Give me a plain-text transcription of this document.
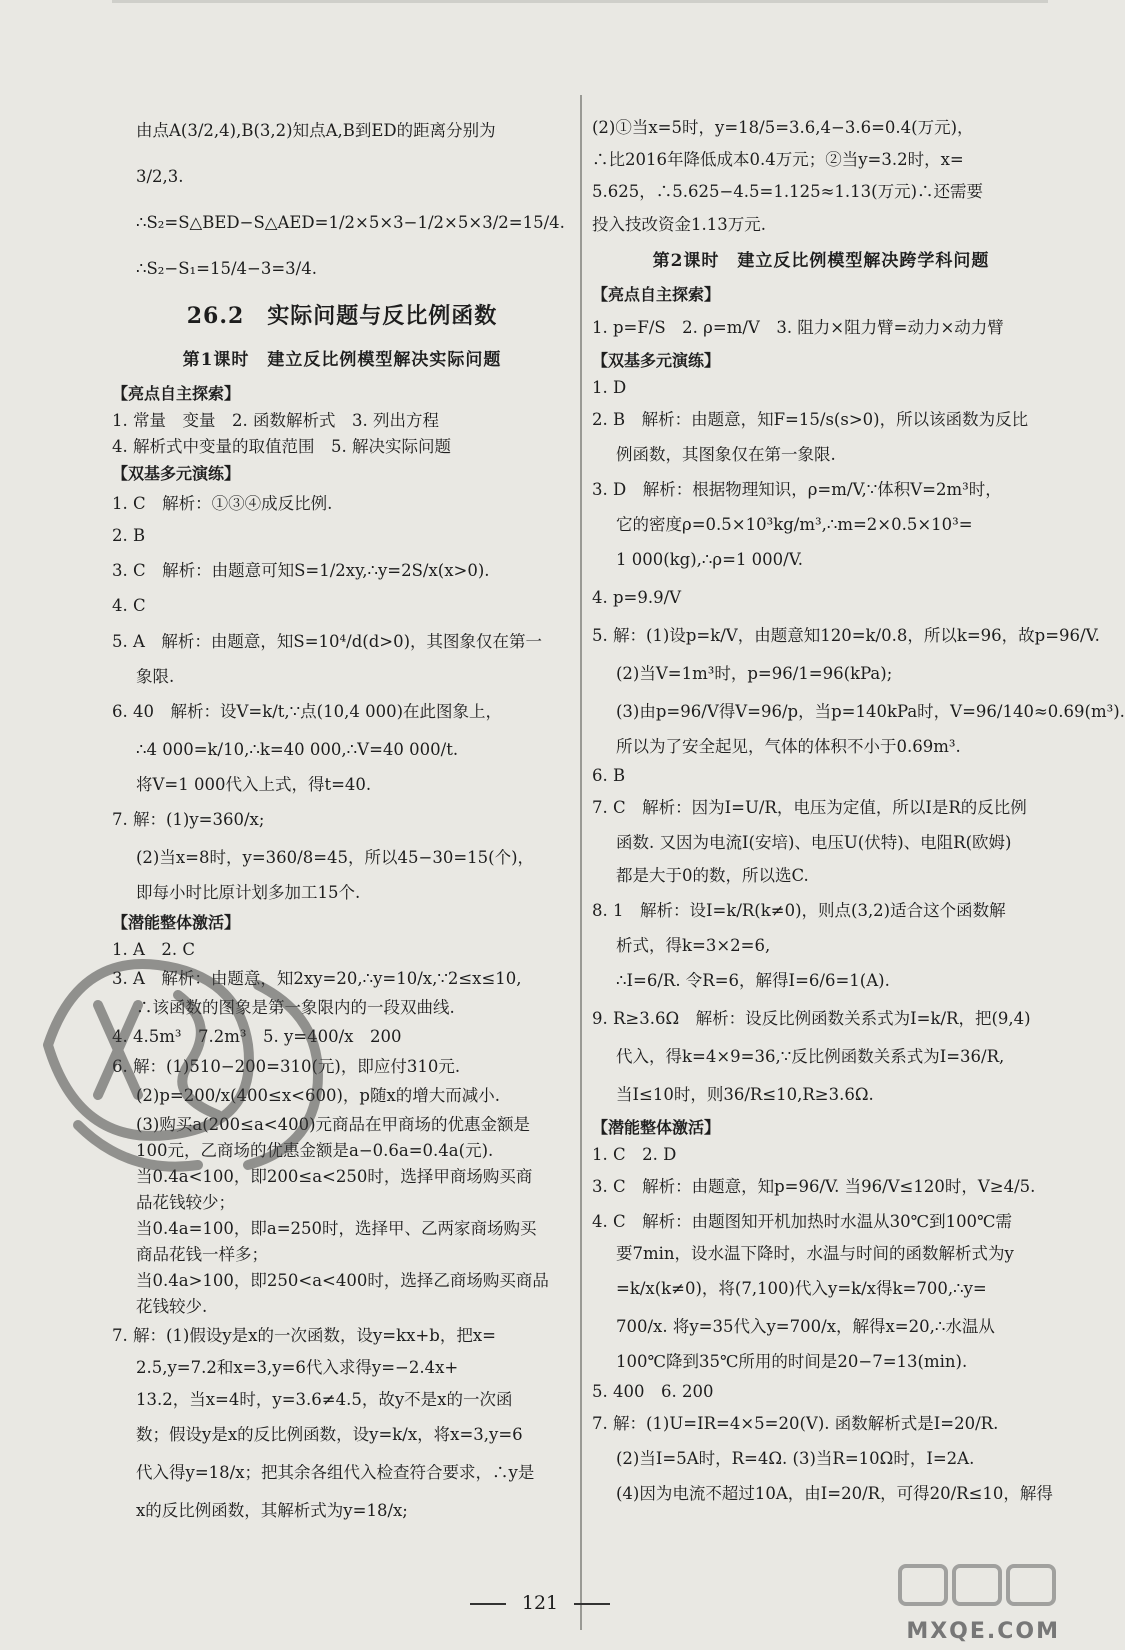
由点A(3/2,4),B(3,2)知点A,B到ED的距离分别为
3/2,3.
∴S₂=S△BED−S△AED=1/2×5×3−1/2×5×3/2=15/4.
∴S₂−S₁=15/4−3=3/4.
26.2　实际问题与反比例函数
第1课时　建立反比例模型解决实际问题
【亮点自主探索】
1. 常量　变量　2. 函数解析式　3. 列出方程
4. 解析式中变量的取值范围　5. 解决实际问题
【双基多元演练】
1. C　解析：①③④成反比例.
2. B
3. C　解析：由题意可知S=1/2xy,∴y=2S/x(x>0).
4. C
5. A　解析：由题意，知S=10⁴/d(d>0)，其图象仅在第一
象限.
6. 40　解析：设V=k/t,∵点(10,4 000)在此图象上，
∴4 000=k/10,∴k=40 000,∴V=40 000/t.
将V=1 000代入上式，得t=40.
7. 解：(1)y=360/x;
(2)当x=8时，y=360/8=45，所以45−30=15(个)，
即每小时比原计划多加工15个.
【潜能整体激活】
1. A　2. C
3. A　解析：由题意，知2xy=20,∴y=10/x,∵2≤x≤10,
∴该函数的图象是第一象限内的一段双曲线.
4. 4.5m³　7.2m³　5. y=400/x　200
6. 解：(1)510−200=310(元)，即应付310元.
(2)p=200/x(400≤x<600)，p随x的增大而减小.
(3)购买a(200≤a<400)元商品在甲商场的优惠金额是
100元，乙商场的优惠金额是a−0.6a=0.4a(元).
当0.4a<100，即200≤a<250时，选择甲商场购买商
品花钱较少；
当0.4a=100，即a=250时，选择甲、乙两家商场购买
商品花钱一样多；
当0.4a>100，即250<a<400时，选择乙商场购买商品
花钱较少.
7. 解：(1)假设y是x的一次函数，设y=kx+b，把x=
2.5,y=7.2和x=3,y=6代入求得y=−2.4x+
13.2，当x=4时，y=3.6≠4.5，故y不是x的一次函
数；假设y是x的反比例函数，设y=k/x，将x=3,y=6
代入得y=18/x；把其余各组代入检查符合要求，∴y是
x的反比例函数，其解析式为y=18/x;
(2)①当x=5时，y=18/5=3.6,4−3.6=0.4(万元)，
∴比2016年降低成本0.4万元；②当y=3.2时，x=
5.625，∴5.625−4.5=1.125≈1.13(万元)∴还需要
投入技改资金1.13万元.
第2课时　建立反比例模型解决跨学科问题
【亮点自主探索】
1. p=F/S　2. ρ=m/V　3. 阻力×阻力臂=动力×动力臂
【双基多元演练】
1. D
2. B　解析：由题意，知F=15/s(s>0)，所以该函数为反比
例函数，其图象仅在第一象限.
3. D　解析：根据物理知识，ρ=m/V,∵体积V=2m³时，
它的密度ρ=0.5×10³kg/m³,∴m=2×0.5×10³=
1 000(kg),∴ρ=1 000/V.
4. p=9.9/V
5. 解：(1)设p=k/V，由题意知120=k/0.8，所以k=96，故p=96/V.
(2)当V=1m³时，p=96/1=96(kPa);
(3)由p=96/V得V=96/p，当p=140kPa时，V=96/140≈0.69(m³).
所以为了安全起见，气体的体积不小于0.69m³.
6. B
7. C　解析：因为I=U/R，电压为定值，所以I是R的反比例
函数. 又因为电流I(安培)、电压U(伏特)、电阻R(欧姆)
都是大于0的数，所以选C.
8. 1　解析：设I=k/R(k≠0)，则点(3,2)适合这个函数解
析式，得k=3×2=6,
∴I=6/R. 令R=6，解得I=6/6=1(A).
9. R≥3.6Ω　解析：设反比例函数关系式为I=k/R，把(9,4)
代入，得k=4×9=36,∵反比例函数关系式为I=36/R,
当I≤10时，则36/R≤10,R≥3.6Ω.
【潜能整体激活】
1. C　2. D
3. C　解析：由题意，知p=96/V. 当96/V≤120时，V≥4/5.
4. C　解析：由题图知开机加热时水温从30℃到100℃需
要7min，设水温下降时，水温与时间的函数解析式为y
=k/x(k≠0)，将(7,100)代入y=k/x得k=700,∴y=
700/x. 将y=35代入y=700/x，解得x=20,∴水温从
100℃降到35℃所用的时间是20−7=13(min).
5. 400　6. 200
7. 解：(1)U=IR=4×5=20(V). 函数解析式是I=20/R.
(2)当I=5A时，R=4Ω. (3)当R=10Ω时，I=2A.
(4)因为电流不超过10A，由I=20/R，可得20/R≤10，解得
MXQE.COM
121
